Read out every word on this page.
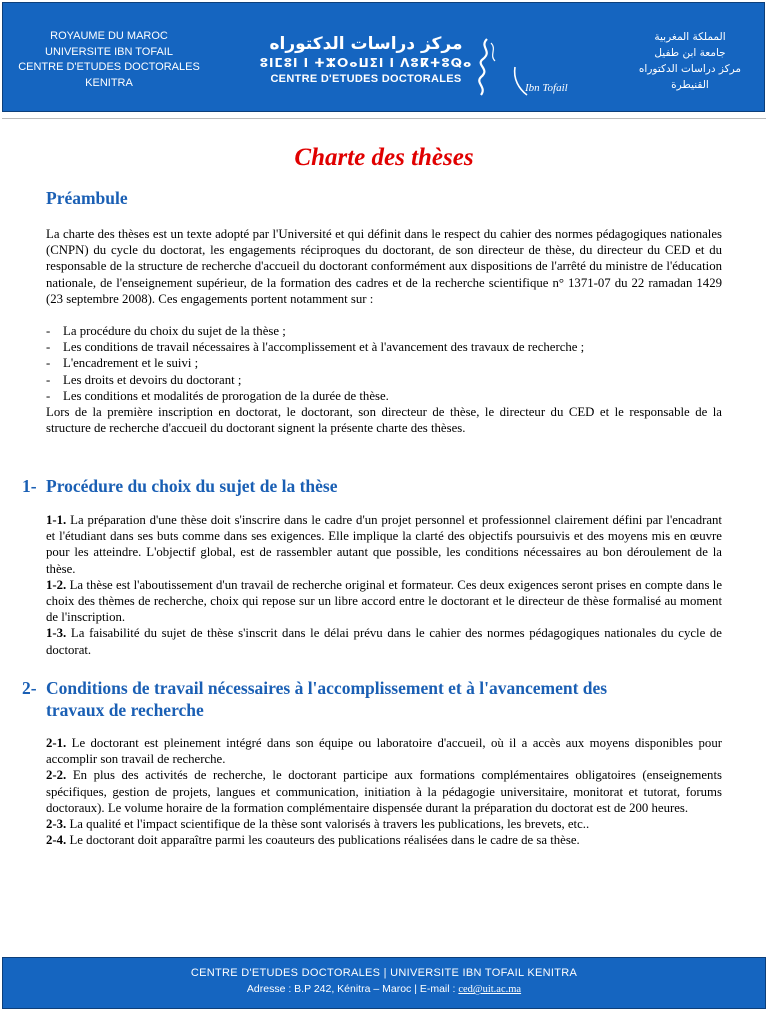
ROYAUME DU MAROC
UNIVERSITE IBN TOFAIL
CENTRE D'ETUDES DOCTORALES
KENITRA
مركز دراسات الدكتوراه
ⵓⵏⵎⵓⵏ ⵏ ⵜⵣⵔⴰⵡⵉⵏ ⵏ ⴷⵓⴽⵜⵓⵕⴰ
CENTRE D'ETUDES DOCTORALES
Ibn Tofail
المملكة المغربية
جامعة ابن طفيل
مركز دراسات الدكتوراه
القنيطرة
Charte des thèses
Préambule

La charte des thèses est un texte adopté par l'Université et qui définit dans le respect du cahier des normes pédagogiques nationales (CNPN) du cycle du doctorat, les engagements réciproques du doctorant, de son directeur de thèse, du directeur du CED et du responsable de la structure de recherche d'accueil du doctorant conformément aux dispositions de l'arrêté du ministre de l'éducation nationale, de l'enseignement supérieur, de la formation des cadres et de la recherche scientifique n° 1371-07 du 22 ramadan 1429 (23 septembre 2008). Ces engagements portent notamment sur :

- La procédure du choix du sujet de la thèse ;
- Les conditions de travail nécessaires à l'accomplissement et à l'avancement des travaux de recherche ;
- L'encadrement et le suivi ;
- Les droits et devoirs du doctorant ;
- Les conditions et modalités de prorogation de la durée de thèse.

Lors de la première inscription en doctorat, le doctorant, son directeur de thèse, le directeur du CED et le responsable de la structure de recherche d'accueil du doctorant signent la présente charte des thèses.

1- Procédure du choix du sujet de la thèse

1-1. La préparation d'une thèse doit s'inscrire dans le cadre d'un projet personnel et professionnel clairement défini par l'encadrant et l'étudiant dans ses buts comme dans ses exigences. Elle implique la clarté des objectifs poursuivis et des moyens mis en œuvre pour les atteindre. L'objectif global, est de rassembler autant que possible, les conditions nécessaires au bon déroulement de la thèse.

1-2. La thèse est l'aboutissement d'un travail de recherche original et formateur. Ces deux exigences seront prises en compte dans le choix des thèmes de recherche, choix qui repose sur un libre accord entre le doctorant et le directeur de thèse formalisé au moment de l'inscription.

1-3. La faisabilité du sujet de thèse s'inscrit dans le délai prévu dans le cahier des normes pédagogiques nationales du cycle de doctorat.

2- Conditions de travail nécessaires à l'accomplissement et à l'avancement des
travaux de recherche

2-1. Le doctorant est pleinement intégré dans son équipe ou laboratoire d'accueil, où il a accès aux moyens disponibles pour accomplir son travail de recherche.

2-2. En plus des activités de recherche, le doctorant participe aux formations complémentaires obligatoires (enseignements spécifiques, gestion de projets, langues et communication, initiation à la pédagogie universitaire, monitorat et tutorat, forums doctoraux). Le volume horaire de la formation complémentaire dispensée durant la préparation du doctorat est de 200 heures.

2-3. La qualité et l'impact scientifique de la thèse sont valorisés à travers les publications, les brevets, etc..

2-4. Le doctorant doit apparaître parmi les coauteurs des publications réalisées dans le cadre de sa thèse.

CENTRE D'ETUDES DOCTORALES | UNIVERSITE IBN TOFAIL KENITRA
Adresse : B.P 242, Kénitra – Maroc | E-mail : ced@uit.ac.ma
